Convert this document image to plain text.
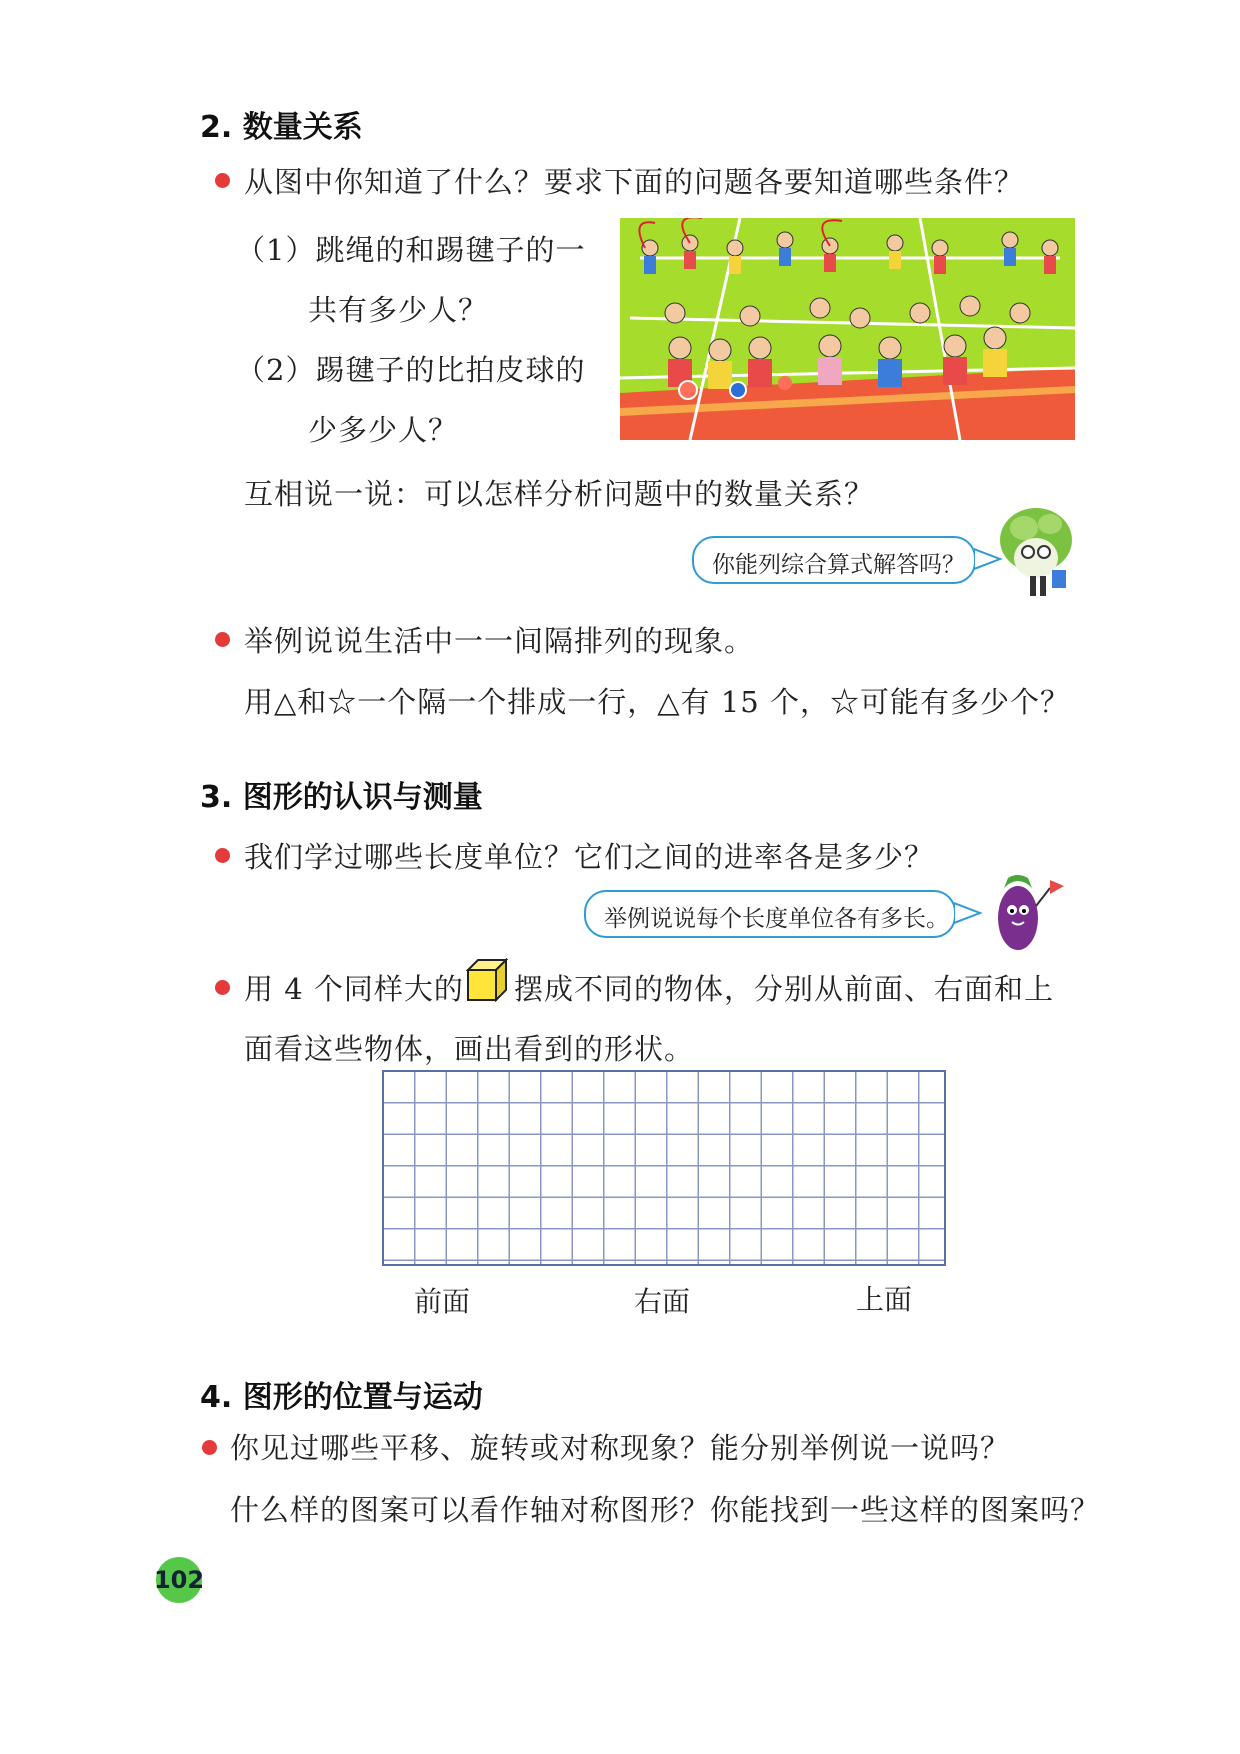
2. 数量关系
从图中你知道了什么？要求下面的问题各要知道哪些条件？
（1）跳绳的和踢毽子的一
共有多少人？
（2）踢毽子的比拍皮球的
少多少人？
互相说一说：可以怎样分析问题中的数量关系？
你能列综合算式解答吗？
举例说说生活中一一间隔排列的现象。
用△和☆一个隔一个排成一行，△有 15 个，☆可能有多少个？
3. 图形的认识与测量
我们学过哪些长度单位？它们之间的进率各是多少？
举例说说每个长度单位各有多长。
用 4 个同样大的 摆成不同的物体，分别从前面、右面和上
面看这些物体，画出看到的形状。
前面	右面	上面
4. 图形的位置与运动
你见过哪些平移、旋转或对称现象？能分别举例说一说吗？
什么样的图案可以看作轴对称图形？你能找到一些这样的图案吗？
102
